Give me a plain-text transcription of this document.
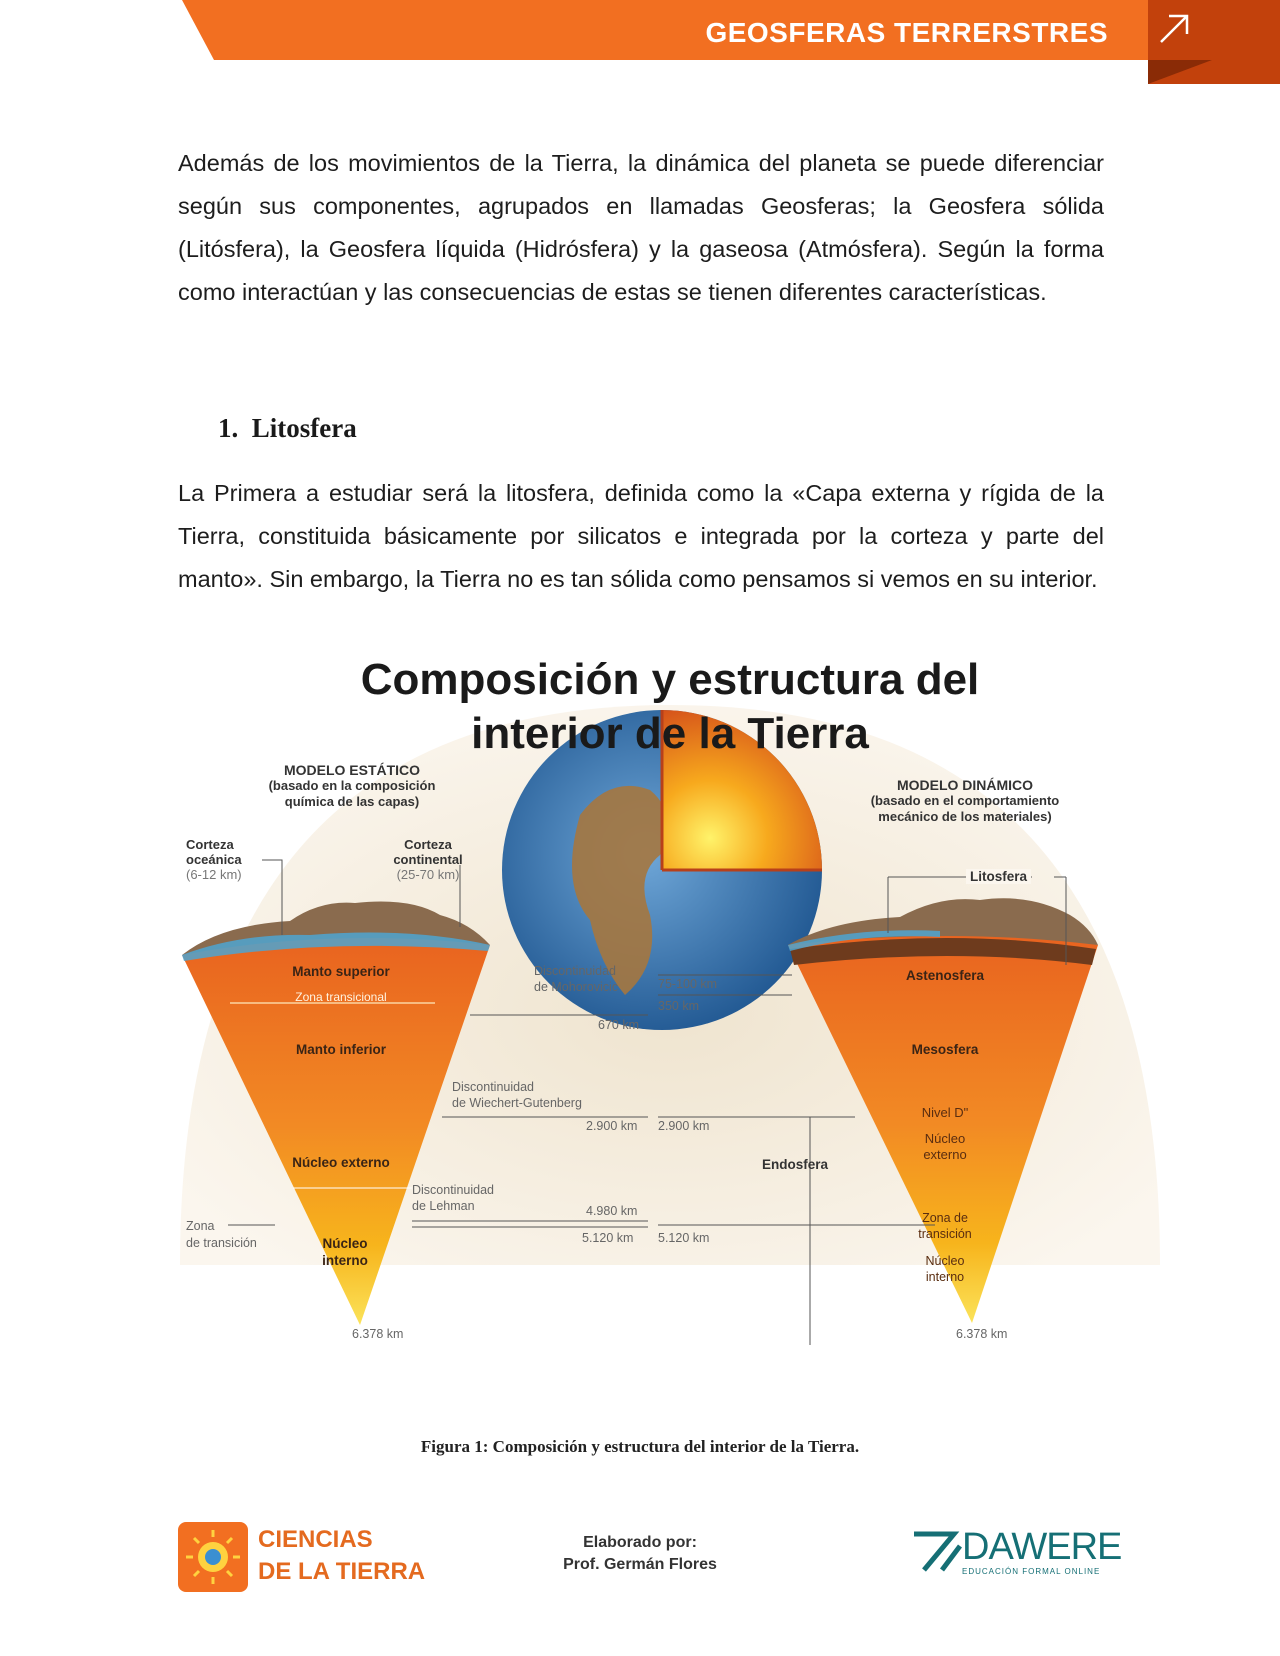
GEOSFERAS TERRERSTRES

Además de los movimientos de la Tierra, la dinámica del planeta se puede diferenciar según sus componentes, agrupados en llamadas Geosferas; la Geosfera sólida (Litósfera), la Geosfera líquida (Hidrósfera) y la gaseosa (Atmósfera). Según la forma como interactúan y las consecuencias de estas se tienen diferentes características.

1. Litosfera

La Primera a estudiar será la litosfera, definida como la «Capa externa y rígida de la Tierra, constituida básicamente por silicatos e integrada por la corteza y parte del manto». Sin embargo, la Tierra no es tan sólida como pensamos si vemos en su interior.

Composición y estructura del
interior de la Tierra
MODELO ESTÁTICO
(basado en la composición
química de las capas)
Corteza
oceánica
(6-12 km)
Corteza
continental
(25-70 km)
Manto superior
Zona transicional
Manto inferior
Núcleo externo
Núcleo
interno
Zona
de transición
6.378 km
Discontinuidad
de Mohorovicic
Discontinuidad
de Wiechert-Gutenberg
Discontinuidad
de Lehman
670 km
75-100 km
350 km
2.900 km 2.900 km
4.980 km
5.120 km 5.120 km
MODELO DINÁMICO
(basado en el comportamiento
mecánico de los materiales)
Litosfera
Astenosfera
Mesosfera
Nivel D"
Núcleo
externo
Zona de
transición
Núcleo
interno
Endosfera
6.378 km
Figura 1: Composición y estructura del interior de la Tierra.
CIENCIAS
DE LA TIERRA
Elaborado por:
Prof. Germán Flores	DAWERE
EDUCACIÓN FORMAL ONLINE
